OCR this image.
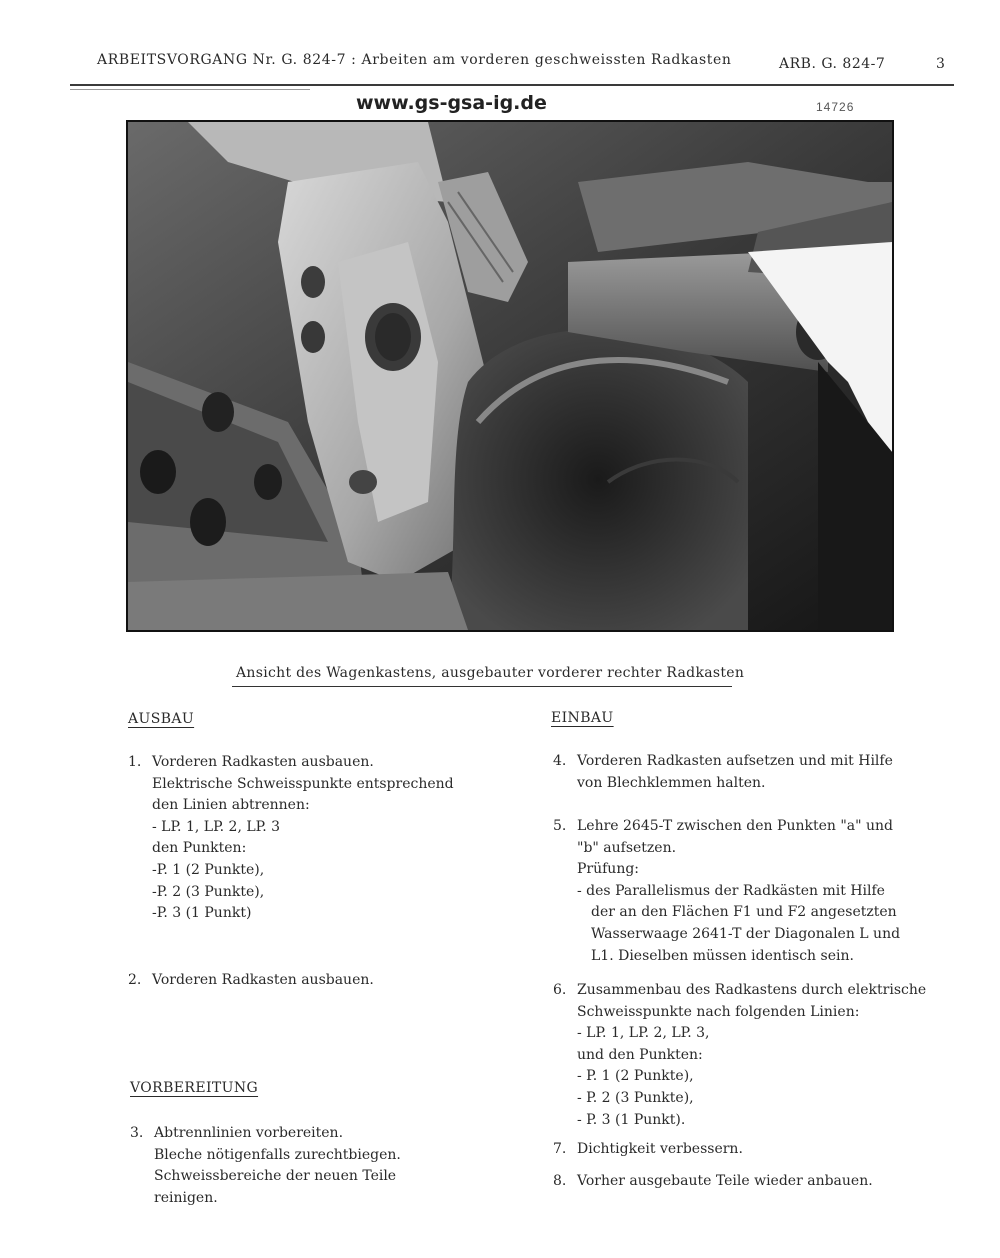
ARBEITSVORGANG Nr. G. 824-7 : Arbeiten am vorderen geschweissten Radkasten	ARB. G. 824-7	3
www.gs-gsa-ig.de	14726
Ansicht des Wagenkastens, ausgebauter vorderer rechter Radkasten
AUSBAU
1. Vorderen Radkasten ausbauen.
Elektrische Schweisspunkte entsprechend
den Linien abtrennen:
- LP. 1, LP. 2, LP. 3
den Punkten:
-P. 1 (2 Punkte),
-P. 2 (3 Punkte),
-P. 3 (1 Punkt)
2. Vorderen Radkasten ausbauen.
VORBEREITUNG
3. Abtrennlinien vorbereiten.
Bleche nötigenfalls zurechtbiegen.
Schweissbereiche der neuen Teile
reinigen.
EINBAU
4. Vorderen Radkasten aufsetzen und mit Hilfe
von Blechklemmen halten.
5. Lehre 2645-T zwischen den Punkten "a" und
"b" aufsetzen.
Prüfung:
- des Parallelismus der Radkästen mit Hilfe
der an den Flächen F1 und F2 angesetzten
Wasserwaage 2641-T der Diagonalen L und
L1. Dieselben müssen identisch sein.
6. Zusammenbau des Radkastens durch elektrische
Schweisspunkte nach folgenden Linien:
- LP. 1, LP. 2, LP. 3,
und den Punkten:
- P. 1 (2 Punkte),
- P. 2 (3 Punkte),
- P. 3 (1 Punkt).
7. Dichtigkeit verbessern.
8. Vorher ausgebaute Teile wieder anbauen.
